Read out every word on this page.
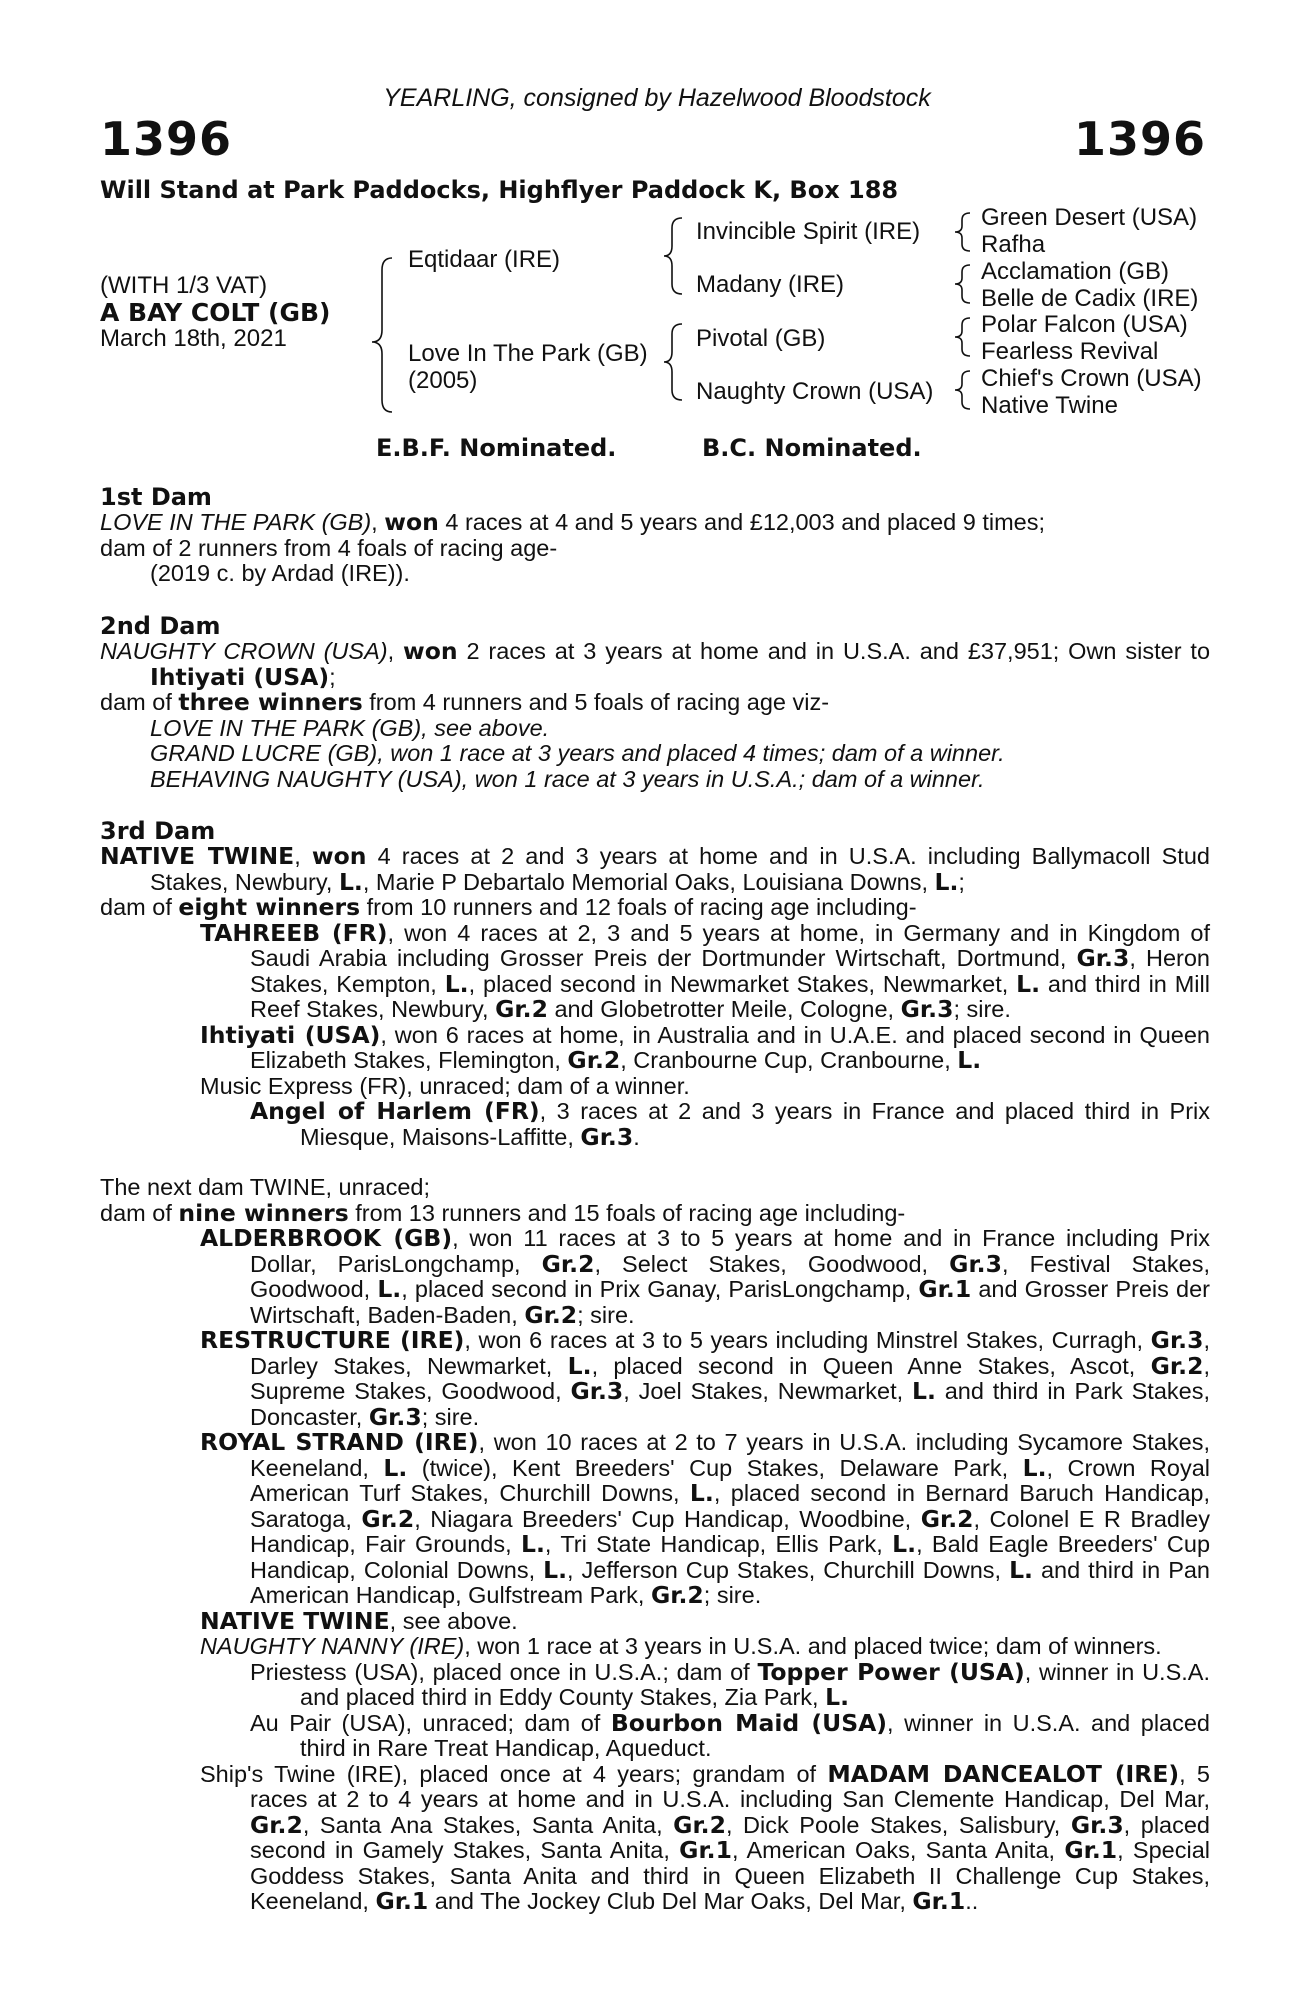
YEARLING, consigned by Hazelwood Bloodstock
1396	1396
Will Stand at Park Paddocks, Highflyer Paddock K, Box 188
(WITH 1/3 VAT)
A BAY COLT (GB)
March 18th, 2021
Eqtidaar (IRE)
Love In The Park (GB)
(2005)
Invincible Spirit (IRE)
Madany (IRE)
Pivotal (GB)
Naughty Crown (USA)
Green Desert (USA)
Rafha
Acclamation (GB)
Belle de Cadix (IRE)
Polar Falcon (USA)
Fearless Revival
Chief's Crown (USA)
Native Twine
E.B.F. Nominated.	B.C. Nominated.
1st Dam

LOVE IN THE PARK (GB), won 4 races at 4 and 5 years and £12,003 and placed 9 times;

dam of 2 runners from 4 foals of racing age-

(2019 c. by Ardad (IRE)).

2nd Dam

NAUGHTY CROWN (USA), won 2 races at 3 years at home and in U.S.A. and £37,951; Own sister to Ihtiyati (USA);

dam of three winners from 4 runners and 5 foals of racing age viz-

LOVE IN THE PARK (GB), see above.

GRAND LUCRE (GB), won 1 race at 3 years and placed 4 times; dam of a winner.

BEHAVING NAUGHTY (USA), won 1 race at 3 years in U.S.A.; dam of a winner.

3rd Dam

NATIVE TWINE, won 4 races at 2 and 3 years at home and in U.S.A. including Ballymacoll Stud Stakes, Newbury, L., Marie P Debartalo Memorial Oaks, Louisiana Downs, L.;

dam of eight winners from 10 runners and 12 foals of racing age including-

TAHREEB (FR), won 4 races at 2, 3 and 5 years at home, in Germany and in Kingdom of Saudi Arabia including Grosser Preis der Dortmunder Wirtschaft, Dortmund, Gr.3, Heron Stakes, Kempton, L., placed second in Newmarket Stakes, Newmarket, L. and third in Mill Reef Stakes, Newbury, Gr.2 and Globetrotter Meile, Cologne, Gr.3; sire.

Ihtiyati (USA), won 6 races at home, in Australia and in U.A.E. and placed second in Queen Elizabeth Stakes, Flemington, Gr.2, Cranbourne Cup, Cranbourne, L.

Music Express (FR), unraced; dam of a winner.

Angel of Harlem (FR), 3 races at 2 and 3 years in France and placed third in Prix Miesque, Maisons-Laffitte, Gr.3.

The next dam TWINE, unraced;

dam of nine winners from 13 runners and 15 foals of racing age including-

ALDERBROOK (GB), won 11 races at 3 to 5 years at home and in France including Prix Dollar, ParisLongchamp, Gr.2, Select Stakes, Goodwood, Gr.3, Festival Stakes, Goodwood, L., placed second in Prix Ganay, ParisLongchamp, Gr.1 and Grosser Preis der Wirtschaft, Baden-Baden, Gr.2; sire.

RESTRUCTURE (IRE), won 6 races at 3 to 5 years including Minstrel Stakes, Curragh, Gr.3, Darley Stakes, Newmarket, L., placed second in Queen Anne Stakes, Ascot, Gr.2, Supreme Stakes, Goodwood, Gr.3, Joel Stakes, Newmarket, L. and third in Park Stakes, Doncaster, Gr.3; sire.

ROYAL STRAND (IRE), won 10 races at 2 to 7 years in U.S.A. including Sycamore Stakes, Keeneland, L. (twice), Kent Breeders' Cup Stakes, Delaware Park, L., Crown Royal American Turf Stakes, Churchill Downs, L., placed second in Bernard Baruch Handicap, Saratoga, Gr.2, Niagara Breeders' Cup Handicap, Woodbine, Gr.2, Colonel E R Bradley Handicap, Fair Grounds, L., Tri State Handicap, Ellis Park, L., Bald Eagle Breeders' Cup Handicap, Colonial Downs, L., Jefferson Cup Stakes, Churchill Downs, L. and third in Pan American Handicap, Gulfstream Park, Gr.2; sire.

NATIVE TWINE, see above.

NAUGHTY NANNY (IRE), won 1 race at 3 years in U.S.A. and placed twice; dam of winners.

Priestess (USA), placed once in U.S.A.; dam of Topper Power (USA), winner in U.S.A. and placed third in Eddy County Stakes, Zia Park, L.

Au Pair (USA), unraced; dam of Bourbon Maid (USA), winner in U.S.A. and placed third in Rare Treat Handicap, Aqueduct.

Ship's Twine (IRE), placed once at 4 years; grandam of MADAM DANCEALOT (IRE), 5 races at 2 to 4 years at home and in U.S.A. including San Clemente Handicap, Del Mar, Gr.2, Santa Ana Stakes, Santa Anita, Gr.2, Dick Poole Stakes, Salisbury, Gr.3, placed second in Gamely Stakes, Santa Anita, Gr.1, American Oaks, Santa Anita, Gr.1, Special Goddess Stakes, Santa Anita and third in Queen Elizabeth II Challenge Cup Stakes, Keeneland, Gr.1 and The Jockey Club Del Mar Oaks, Del Mar, Gr.1..
